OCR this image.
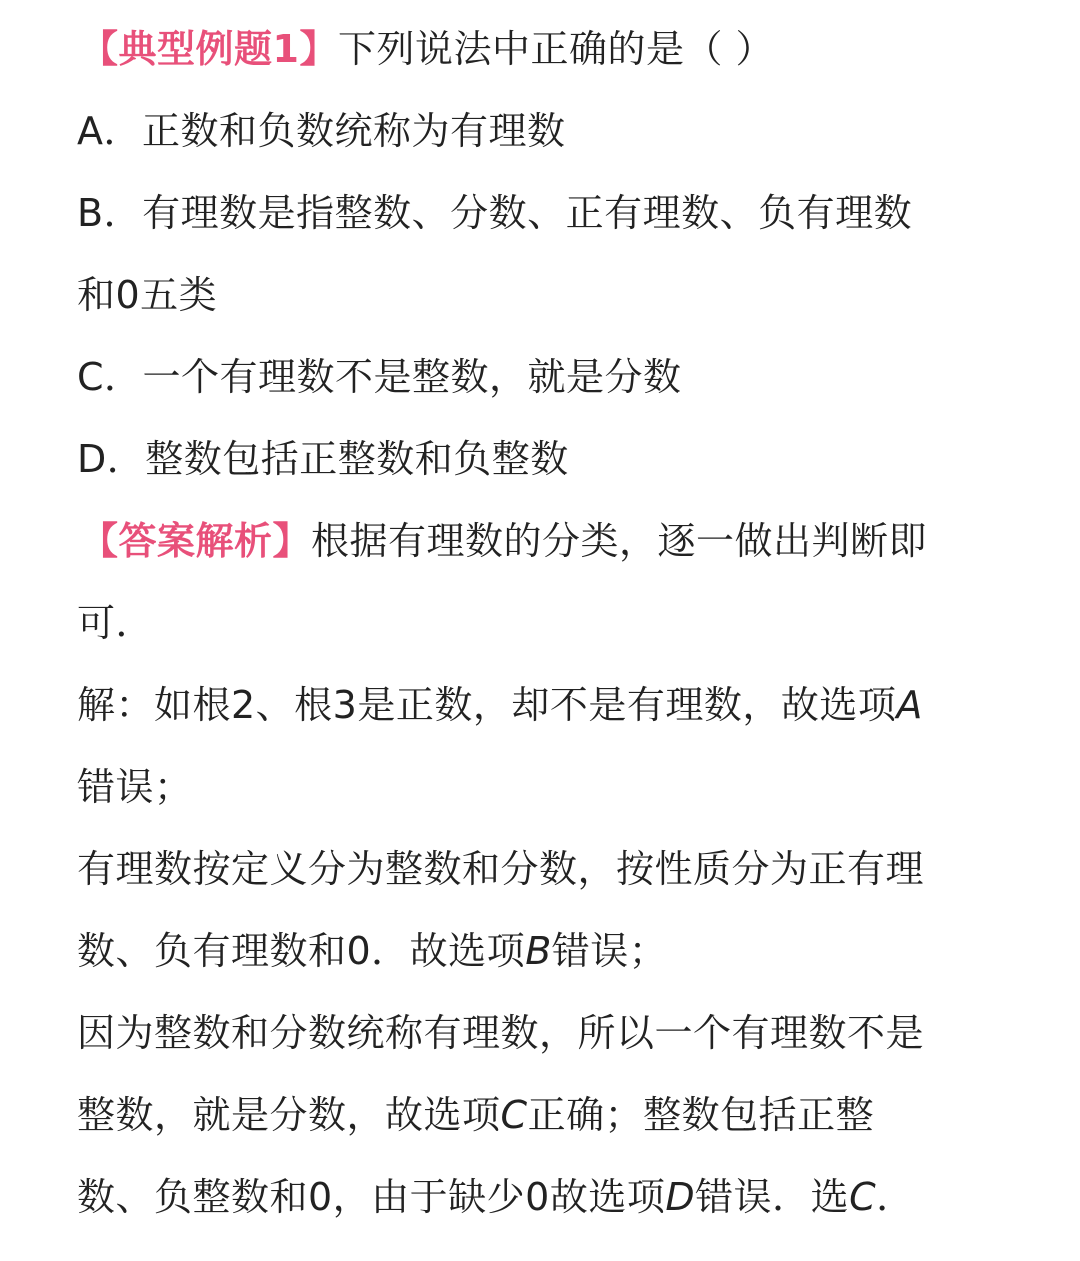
【典型例题1】下列说法中正确的是（ ）
A．正数和负数统称为有理数
B．有理数是指整数、分数、正有理数、负有理数
和0五类
C．一个有理数不是整数，就是分数
D．整数包括正整数和负整数
【答案解析】根据有理数的分类，逐一做出判断即
可．
解：如根2、根3是正数，却不是有理数，故选项A
错误；
有理数按定义分为整数和分数，按性质分为正有理
数、负有理数和0．故选项B错误；
因为整数和分数统称有理数，所以一个有理数不是
整数，就是分数，故选项C正确；整数包括正整
数、负整数和0，由于缺少0故选项D错误．选C．
